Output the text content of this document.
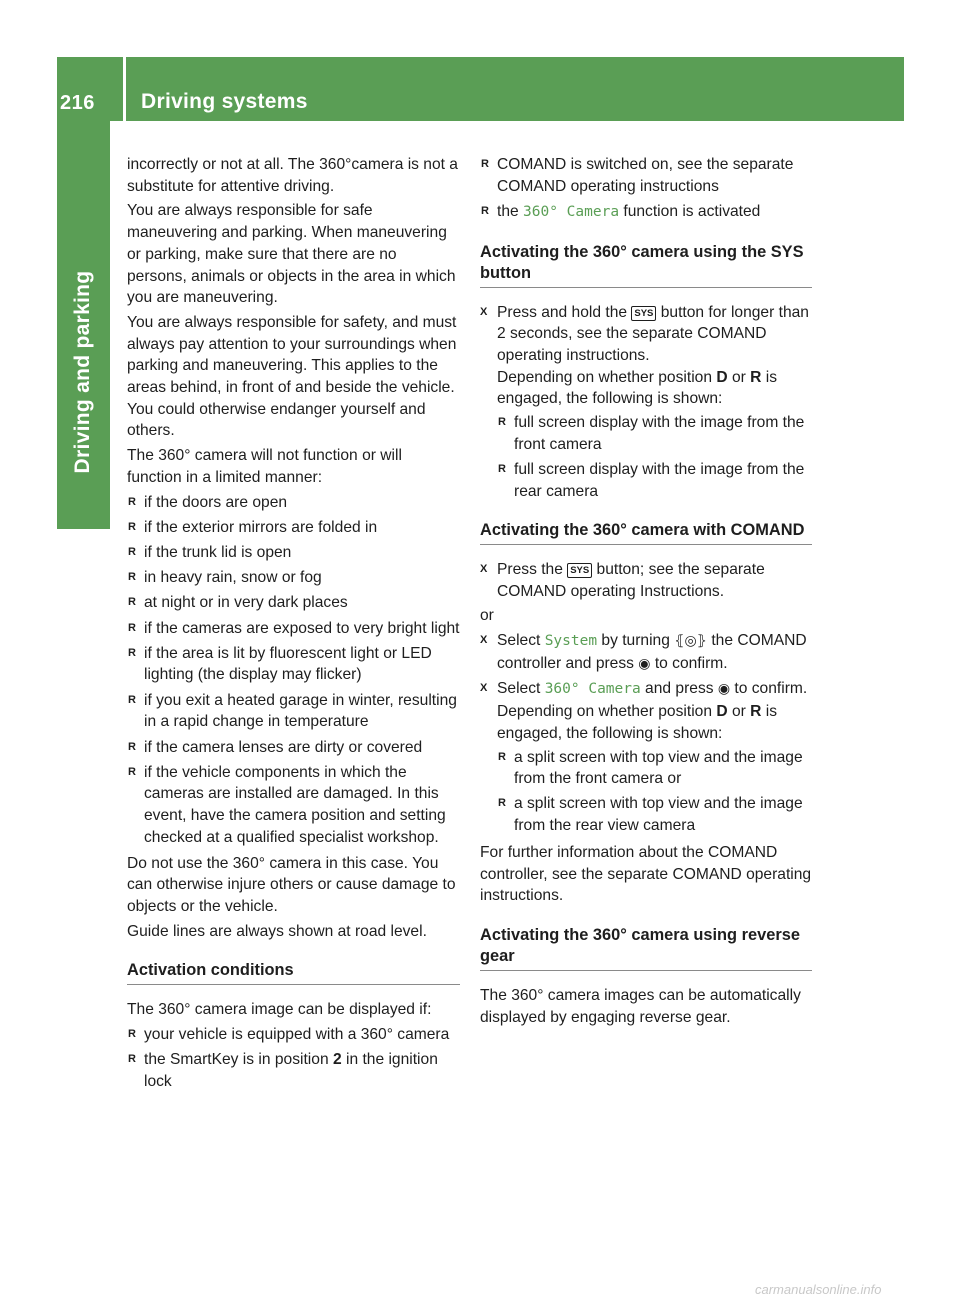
216	Driving systems
Driving and parking

incorrectly or not at all. The 360°camera is not a substitute for attentive driving.

You are always responsible for safe maneuvering and parking. When maneuvering or parking, make sure that there are no persons, animals or objects in the area in which you are maneuvering.

You are always responsible for safety, and must always pay attention to your surroundings when parking and maneuvering. This applies to the areas behind, in front of and beside the vehicle. You could otherwise endanger yourself and others.

The 360° camera will not function or will function in a limited manner:

R if the doors are open
R if the exterior mirrors are folded in
R if the trunk lid is open
R in heavy rain, snow or fog
R at night or in very dark places
R if the cameras are exposed to very bright light
R if the area is lit by fluorescent light or LED lighting (the display may flicker)
R if you exit a heated garage in winter, resulting in a rapid change in temperature
R if the camera lenses are dirty or covered
R if the vehicle components in which the cameras are installed are damaged. In this event, have the camera position and setting checked at a qualified specialist workshop.

Do not use the 360° camera in this case. You can otherwise injure others or cause damage to objects or the vehicle.

Guide lines are always shown at road level.

Activation conditions

The 360° camera image can be displayed if:

R your vehicle is equipped with a 360° camera
R the SmartKey is in position 2 in the ignition lock
R COMAND is switched on, see the separate COMAND operating instructions
R the 360° Camera function is activated
Activating the 360° camera using the SYS button
X Press and hold the SYS button for longer than 2 seconds, see the separate COMAND operating instructions.
Depending on whether position D or R is engaged, the following is shown:
R full screen display with the image from the front camera
R full screen display with the image from the rear camera
Activating the 360° camera with COMAND
X Press the SYS button; see the separate COMAND operating Instructions.

or

X Select System by turning ⦃◎⦄ the COMAND controller and press ◉ to confirm.
X Select 360° Camera and press ◉ to confirm.
Depending on whether position D or R is engaged, the following is shown:
R a split screen with top view and the image from the front camera or
R a split screen with top view and the image from the rear view camera

For further information about the COMAND controller, see the separate COMAND operating instructions.

Activating the 360° camera using reverse gear

The 360° camera images can be automatically displayed by engaging reverse gear.

carmanualsonline.info
